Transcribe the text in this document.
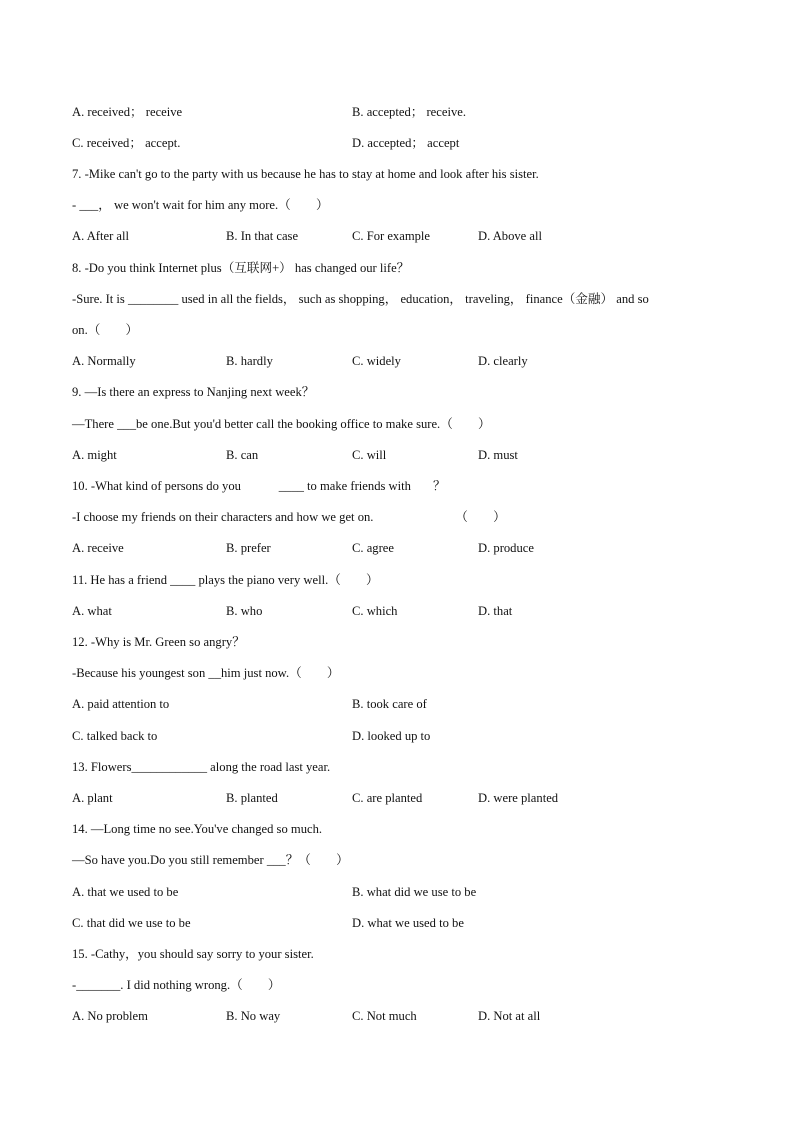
A. received； receive	B. accepted； receive.
C. received； accept.	D. accepted； accept
7. -Mike can't go to the party with us because he has to stay at home and look after his sister.
- ___， we won't wait for him any more.（　　）
A. After all	B. In that case	C. For example	D. Above all
8. -Do you think Internet plus（互联网+） has changed our life？
-Sure. It is ________ used in all the fields， such as shopping， education， traveling， finance（金融） and so
on.（　　）
A. Normally	B. hardly	C. widely	D. clearly
9. —Is there an express to Nanjing next week？
—There ___be one.But you'd better call the booking office to make sure.（　　）
A. might	B. can	C. will	D. must
10. -What kind of persons do you            ____ to make friends with       ？
-I choose my friends on their characters and how we get on.                          （　　）
A. receive	B. prefer	C. agree	D. produce
11. He has a friend ____ plays the piano very well.（　　）
A. what	B. who	C. which	D. that
12. -Why is Mr. Green so angry？
-Because his youngest son __him just now.（　　）
A. paid attention to	B. took care of
C. talked back to	D. looked up to
13. Flowers____________ along the road last year.
A. plant	B. planted	C. are planted	D. were planted
14. —Long time no see.You've changed so much.
—So have you.Do you still remember ___？（　　）
A. that we used to be	B. what did we use to be
C. that did we use to be	D. what we used to be
15. -Cathy，you should say sorry to your sister.
-_______. I did nothing wrong.（　　）
A. No problem	B. No way	C. Not much	D. Not at all
